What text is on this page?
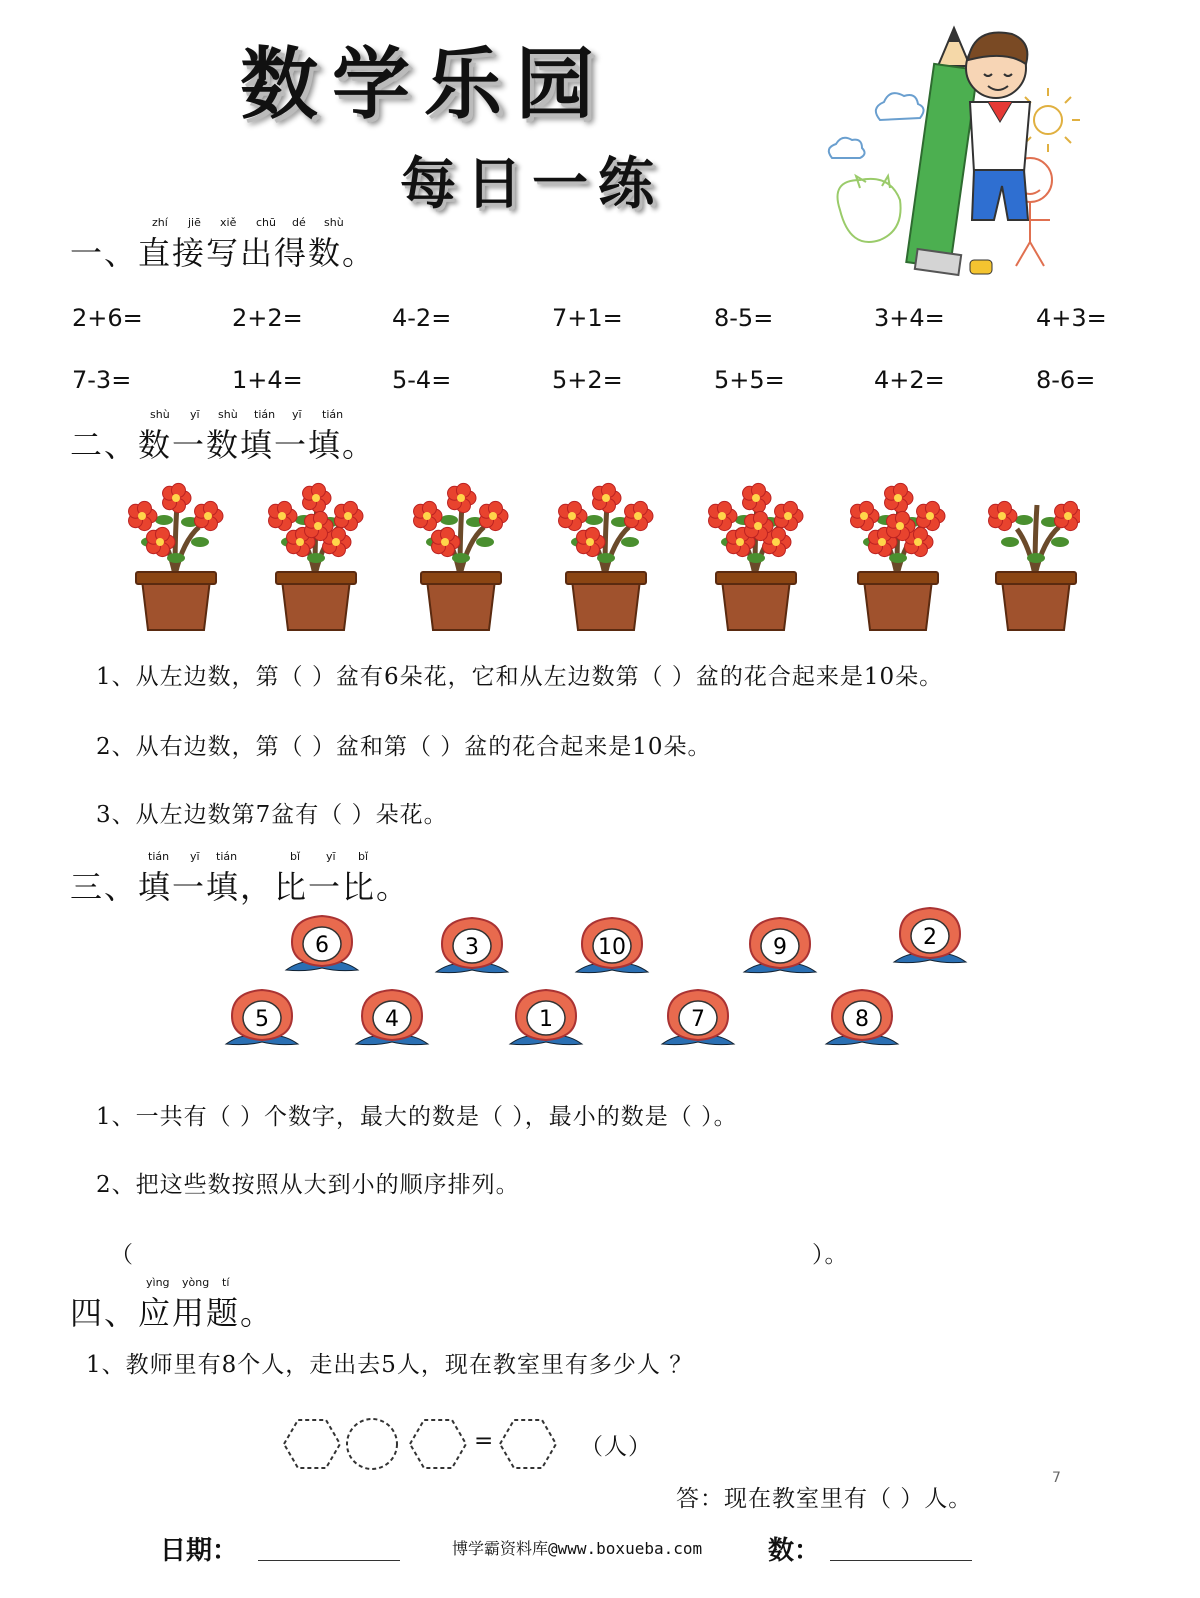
数学乐园
每日一练
一、直接写出得数。
zhí jiē xiě chū dé shù
2+6=	2+2=	4-2=	7+1=	8-5=	3+4=	4+3=
7-3=	1+4=	5-4=	5+2=	5+5=	4+2=	8-6=
二、数一数填一填。
shù yī shù tián yī tián
1、从左边数，第（ ）盆有6朵花，它和从左边数第（ ）盆的花合起来是10朵。
2、从右边数，第（ ）盆和第（ ）盆的花合起来是10朵。
3、从左边数第7盆有（ ）朵花。
三、填一填，比一比。
tián yī tián	bǐ yī bǐ
6	3	10	9	2
5	4	1	7	8
1、一共有（ ）个数字，最大的数是（ ），最小的数是（ ）。
2、把这些数按照从大到小的顺序排列。
（	）。
四、应用题。
yìng yòng tí
1、教师里有8个人，走出去5人，现在教室里有多少人 ？
=	（人）
答：现在教室里有（ ）人。
7
日期：	博学霸资料库@www.boxueba.com	数：
